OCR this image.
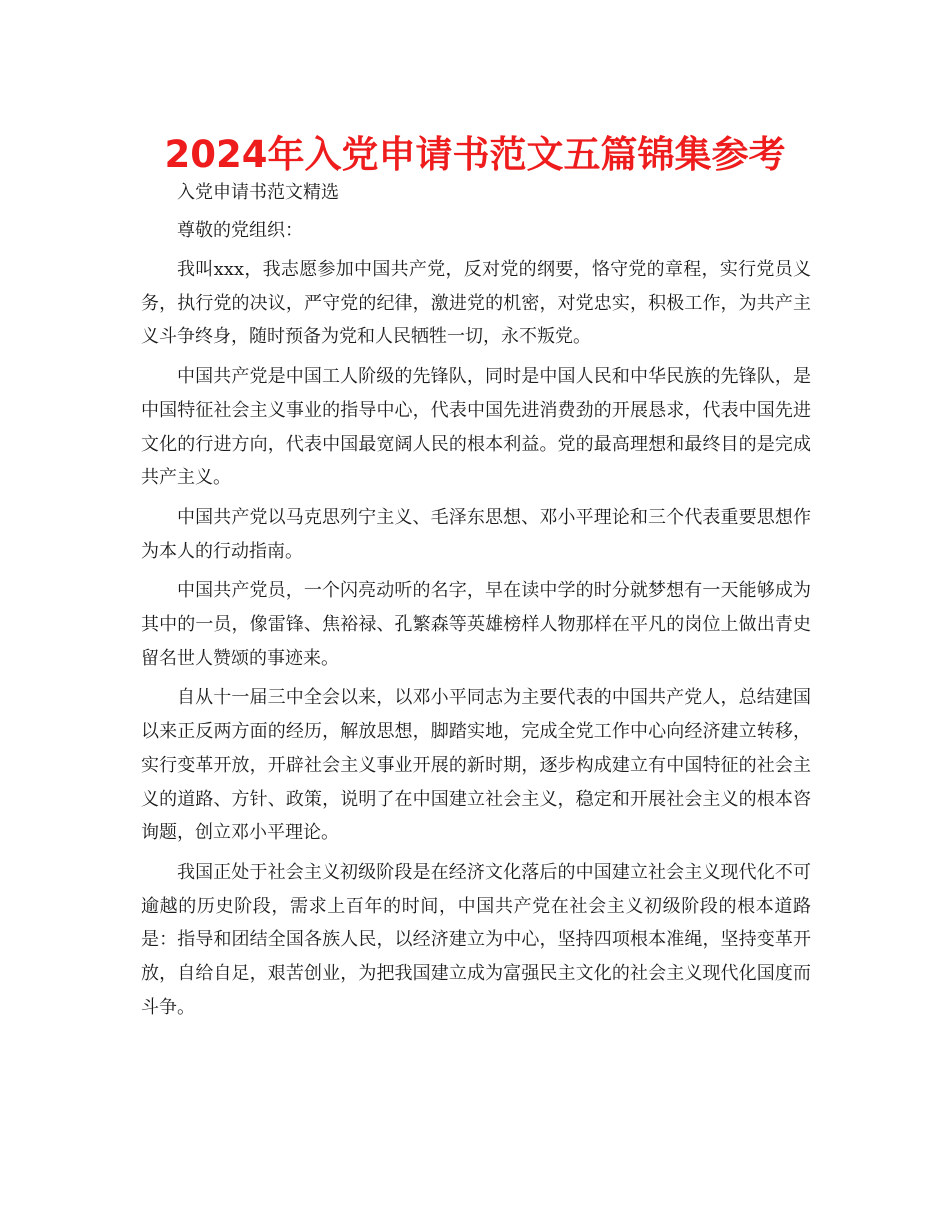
2024年入党申请书范文五篇锦集参考

入党申请书范文精选

尊敬的党组织：

我叫xxx，我志愿参加中国共产党，反对党的纲要，恪守党的章程，实行党员义务，执行党的决议，严守党的纪律，激进党的机密，对党忠实，积极工作，为共产主义斗争终身，随时预备为党和人民牺牲一切，永不叛党。

中国共产党是中国工人阶级的先锋队，同时是中国人民和中华民族的先锋队，是中国特征社会主义事业的指导中心，代表中国先进消费劲的开展恳求，代表中国先进文化的行进方向，代表中国最宽阔人民的根本利益。党的最高理想和最终目的是完成共产主义。

中国共产党以马克思列宁主义、毛泽东思想、邓小平理论和三个代表重要思想作为本人的行动指南。

中国共产党员，一个闪亮动听的名字，早在读中学的时分就梦想有一天能够成为其中的一员，像雷锋、焦裕禄、孔繁森等英雄榜样人物那样在平凡的岗位上做出青史留名世人赞颂的事迹来。

自从十一届三中全会以来，以邓小平同志为主要代表的中国共产党人，总结建国以来正反两方面的经历，解放思想，脚踏实地，完成全党工作中心向经济建立转移，实行变革开放，开辟社会主义事业开展的新时期，逐步构成建立有中国特征的社会主义的道路、方针、政策，说明了在中国建立社会主义，稳定和开展社会主义的根本咨询题，创立邓小平理论。

我国正处于社会主义初级阶段是在经济文化落后的中国建立社会主义现代化不可逾越的历史阶段，需求上百年的时间，中国共产党在社会主义初级阶段的根本道路是：指导和团结全国各族人民，以经济建立为中心，坚持四项根本准绳，坚持变革开放，自给自足，艰苦创业，为把我国建立成为富强民主文化的社会主义现代化国度而斗争。
